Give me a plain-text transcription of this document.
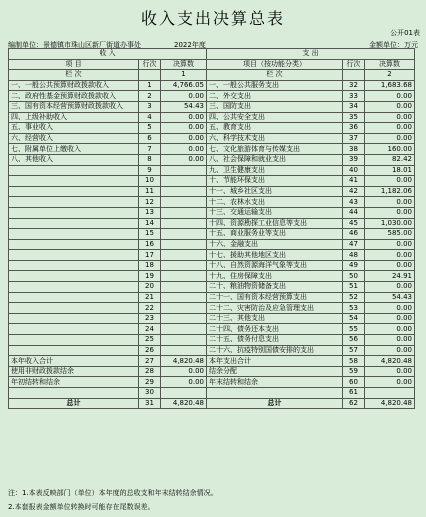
收入支出决算总表
公开01表
编制单位：景德镇市珠山区新厂街道办事处	2022年度	金额单位：万元
收 入			支 出		
项 目	行次	决算数	项目（按功能分类）	行次	决算数
栏 次		1	栏 次		2
一、一般公共预算财政拨款收入	1	4,766.05	一、一般公共服务支出	32	1,683.68
二、政府性基金预算财政拨款收入	2	0.00	二、外交支出	33	0.00
三、国有资本经营预算财政拨款收入	3	54.43	三、国防支出	34	0.00
四、上级补助收入	4	0.00	四、公共安全支出	35	0.00
五、事业收入	5	0.00	五、教育支出	36	0.00
六、经营收入	6	0.00	六、科学技术支出	37	0.00
七、附属单位上缴收入	7	0.00	七、文化旅游体育与传媒支出	38	160.00
八、其他收入	8	0.00	八、社会保障和就业支出	39	82.42
	9		九、卫生健康支出	40	18.01
	10		十、节能环保支出	41	0.00
	11		十一、城乡社区支出	42	1,182.06
	12		十二、农林水支出	43	0.00
	13		十三、交通运输支出	44	0.00
	14		十四、资源勘探工业信息等支出	45	1,030.00
	15		十五、商业服务业等支出	46	585.00
	16		十六、金融支出	47	0.00
	17		十七、援助其他地区支出	48	0.00
	18		十八、自然资源海洋气象等支出	49	0.00
	19		十九、住房保障支出	50	24.91
	20		二十、粮油物资储备支出	51	0.00
	21		二十一、国有资本经营预算支出	52	54.43
	22		二十二、灾害防治及应急管理支出	53	0.00
	23		二十三、其他支出	54	0.00
	24		二十四、债务还本支出	55	0.00
	25		二十五、债务付息支出	56	0.00
	26		二十六、抗疫特别国债安排的支出	57	0.00
本年收入合计	27	4,820.48	本年支出合计	58	4,820.48
使用非财政拨款结余	28	0.00	结余分配	59	0.00
年初结转和结余	29	0.00	年末结转和结余	60	0.00
	30			61	
总计	31	4,820.48	总计	62	4,820.48
注：1.本表反映部门（单位）本年度的总收支和年末结转结余情况。
2.本套报表金额单位转换时可能存在尾数误差。
